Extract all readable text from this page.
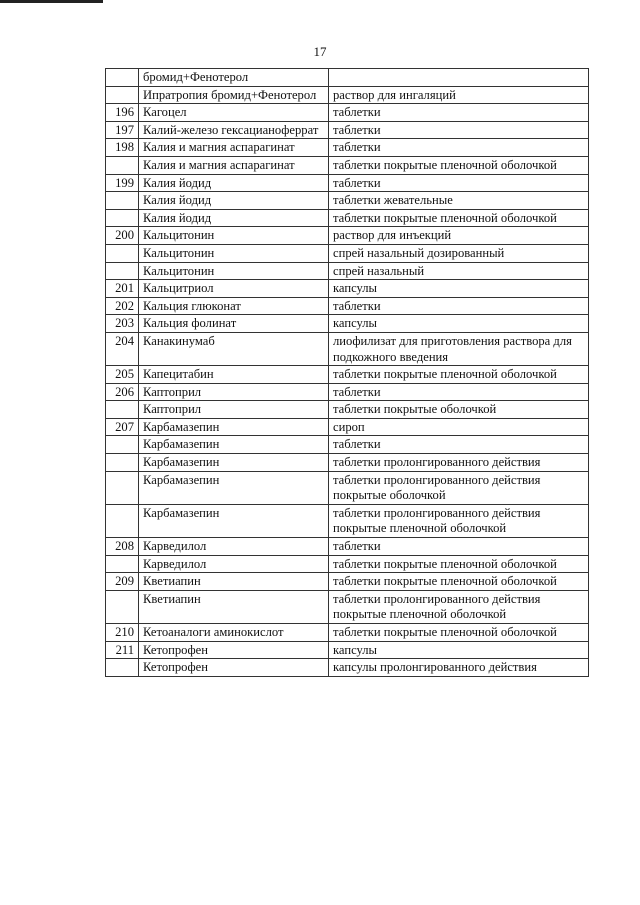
17
	бромид+Фенотерол	
	Ипратропия бромид+Фенотерол	раствор для ингаляций
196	Кагоцел	таблетки
197	Калий-железо гексацианоферрат	таблетки
198	Калия и магния аспарагинат	таблетки
	Калия и магния аспарагинат	таблетки покрытые пленочной оболочкой
199	Калия йодид	таблетки
	Калия йодид	таблетки жевательные
	Калия йодид	таблетки покрытые пленочной оболочкой
200	Кальцитонин	раствор для инъекций
	Кальцитонин	спрей назальный дозированный
	Кальцитонин	спрей назальный
201	Кальцитриол	капсулы
202	Кальция глюконат	таблетки
203	Кальция фолинат	капсулы
204	Канакинумаб	лиофилизат для приготовления раствора для подкожного введения
205	Капецитабин	таблетки покрытые пленочной оболочкой
206	Каптоприл	таблетки
	Каптоприл	таблетки покрытые оболочкой
207	Карбамазепин	сироп
	Карбамазепин	таблетки
	Карбамазепин	таблетки пролонгированного действия
	Карбамазепин	таблетки пролонгированного действия покрытые оболочкой
	Карбамазепин	таблетки пролонгированного действия покрытые пленочной оболочкой
208	Карведилол	таблетки
	Карведилол	таблетки покрытые пленочной оболочкой
209	Кветиапин	таблетки покрытые пленочной оболочкой
	Кветиапин	таблетки пролонгированного действия покрытые пленочной оболочкой
210	Кетоаналоги аминокислот	таблетки покрытые пленочной оболочкой
211	Кетопрофен	капсулы
	Кетопрофен	капсулы пролонгированного действия
